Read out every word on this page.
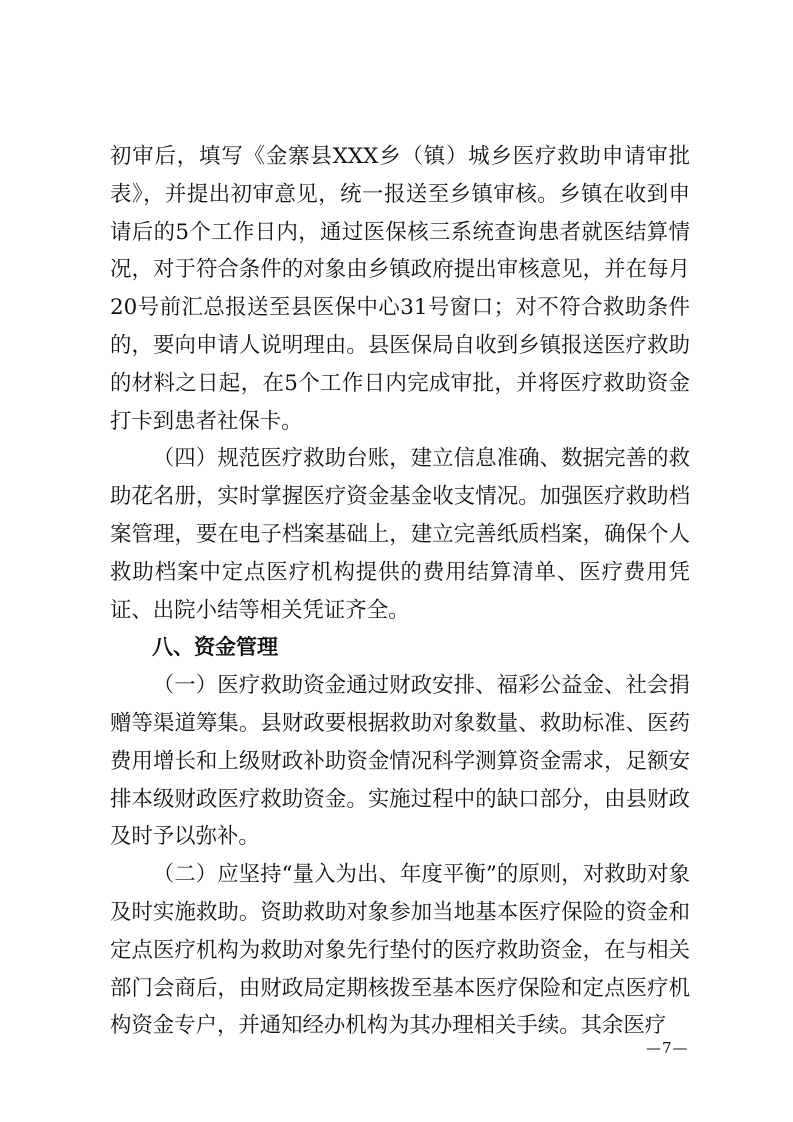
初审后，填写《金寨县XXX乡（镇）城乡医疗救助申请审批表》，并提出初审意见，统一报送至乡镇审核。乡镇在收到申请后的5个工作日内，通过医保核三系统查询患者就医结算情况，对于符合条件的对象由乡镇政府提出审核意见，并在每月20号前汇总报送至县医保中心31号窗口；对不符合救助条件的，要向申请人说明理由。县医保局自收到乡镇报送医疗救助的材料之日起，在5个工作日内完成审批，并将医疗救助资金打卡到患者社保卡。

（四）规范医疗救助台账，建立信息准确、数据完善的救助花名册，实时掌握医疗资金基金收支情况。加强医疗救助档案管理，要在电子档案基础上，建立完善纸质档案，确保个人救助档案中定点医疗机构提供的费用结算清单、医疗费用凭证、出院小结等相关凭证齐全。

八、资金管理

（一）医疗救助资金通过财政安排、福彩公益金、社会捐赠等渠道筹集。县财政要根据救助对象数量、救助标准、医药费用增长和上级财政补助资金情况科学测算资金需求，足额安排本级财政医疗救助资金。实施过程中的缺口部分，由县财政及时予以弥补。

（二）应坚持“量入为出、年度平衡”的原则，对救助对象及时实施救助。资助救助对象参加当地基本医疗保险的资金和定点医疗机构为救助对象先行垫付的医疗救助资金，在与相关部门会商后，由财政局定期核拨至基本医疗保险和定点医疗机构资金专户，并通知经办机构为其办理相关手续。其余医疗

—7—
